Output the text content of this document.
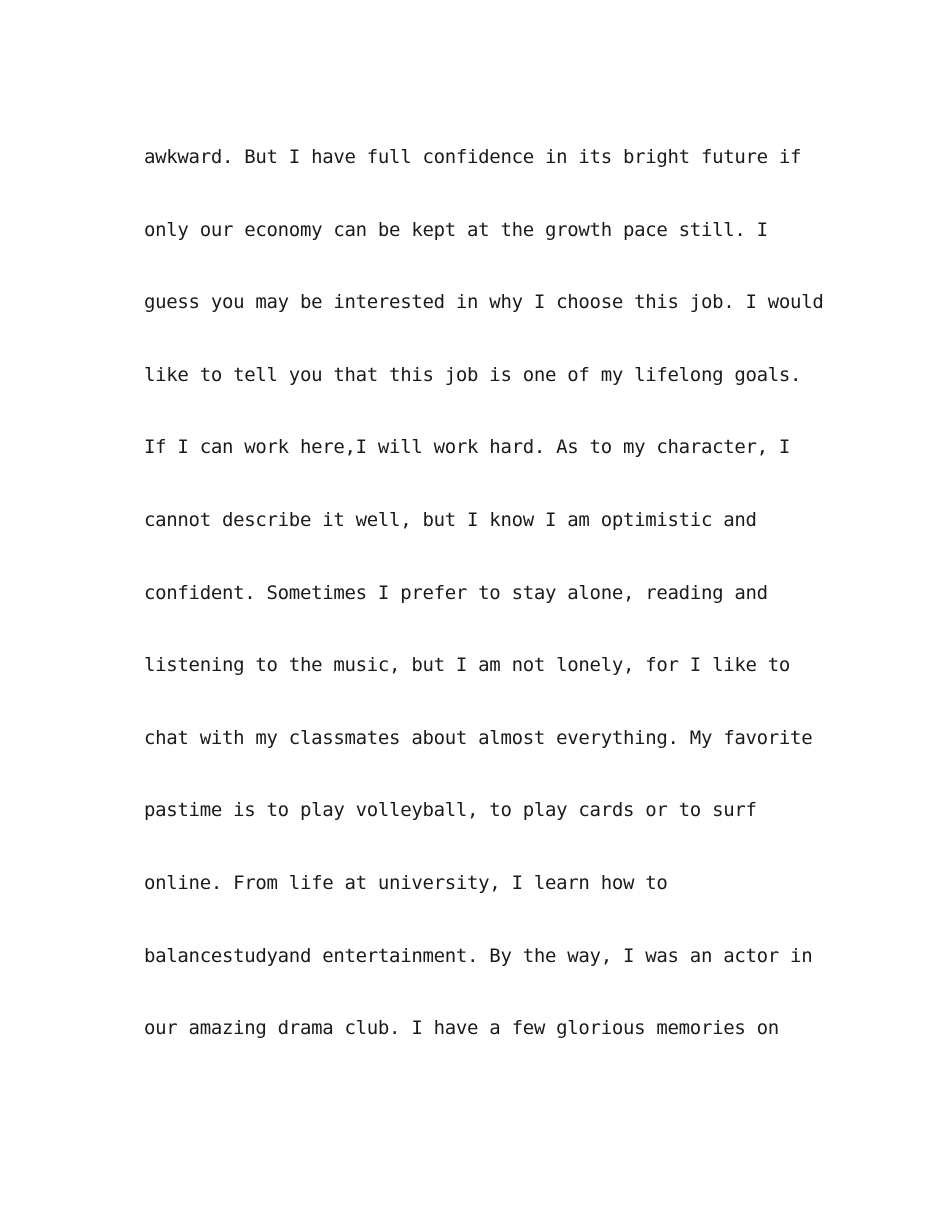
awkward. But I have full confidence in its bright future if
only our economy can be kept at the growth pace still. I
guess you may be interested in why I choose this job. I would
like to tell you that this job is one of my lifelong goals.
If I can work here,I will work hard. As to my character, I
cannot describe it well, but I know I am optimistic and
confident. Sometimes I prefer to stay alone, reading and
listening to the music, but I am not lonely, for I like to
chat with my classmates about almost everything. My favorite
pastime is to play volleyball, to play cards or to surf
online. From life at university, I learn how to
balancestudyand entertainment. By the way, I was an actor in
our amazing drama club. I have a few glorious memories on
